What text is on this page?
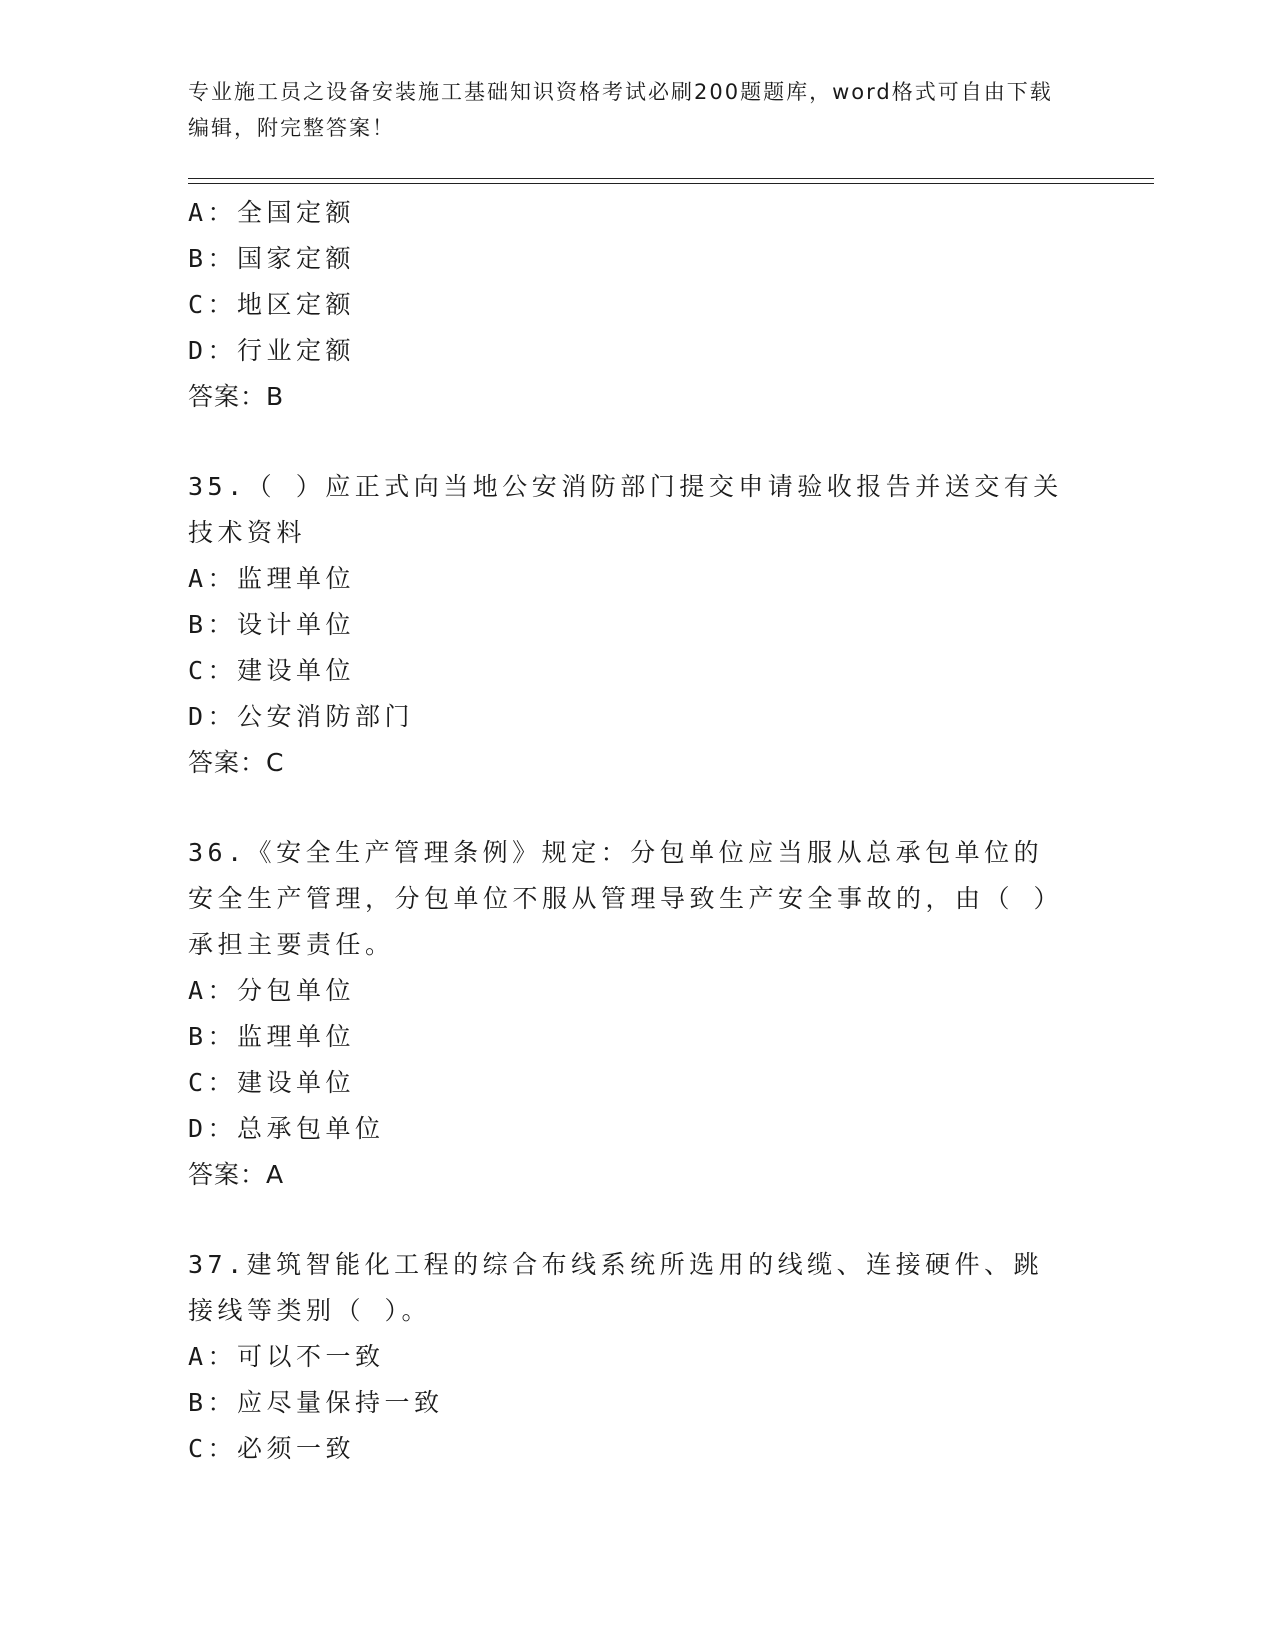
专业施工员之设备安装施工基础知识资格考试必刷200题题库，word格式可自由下载编辑，附完整答案！
A：全国定额
B：国家定额
C：地区定额
D：行业定额
答案：B
35.（ ）应正式向当地公安消防部门提交申请验收报告并送交有关技术资料
A：监理单位
B：设计单位
C：建设单位
D：公安消防部门
答案：C
36.《安全生产管理条例》规定：分包单位应当服从总承包单位的安全生产管理，分包单位不服从管理导致生产安全事故的，由（ ）承担主要责任。
A：分包单位
B：监理单位
C：建设单位
D：总承包单位
答案：A
37.建筑智能化工程的综合布线系统所选用的线缆、连接硬件、跳接线等类别（ ）。
A：可以不一致
B：应尽量保持一致
C：必须一致
